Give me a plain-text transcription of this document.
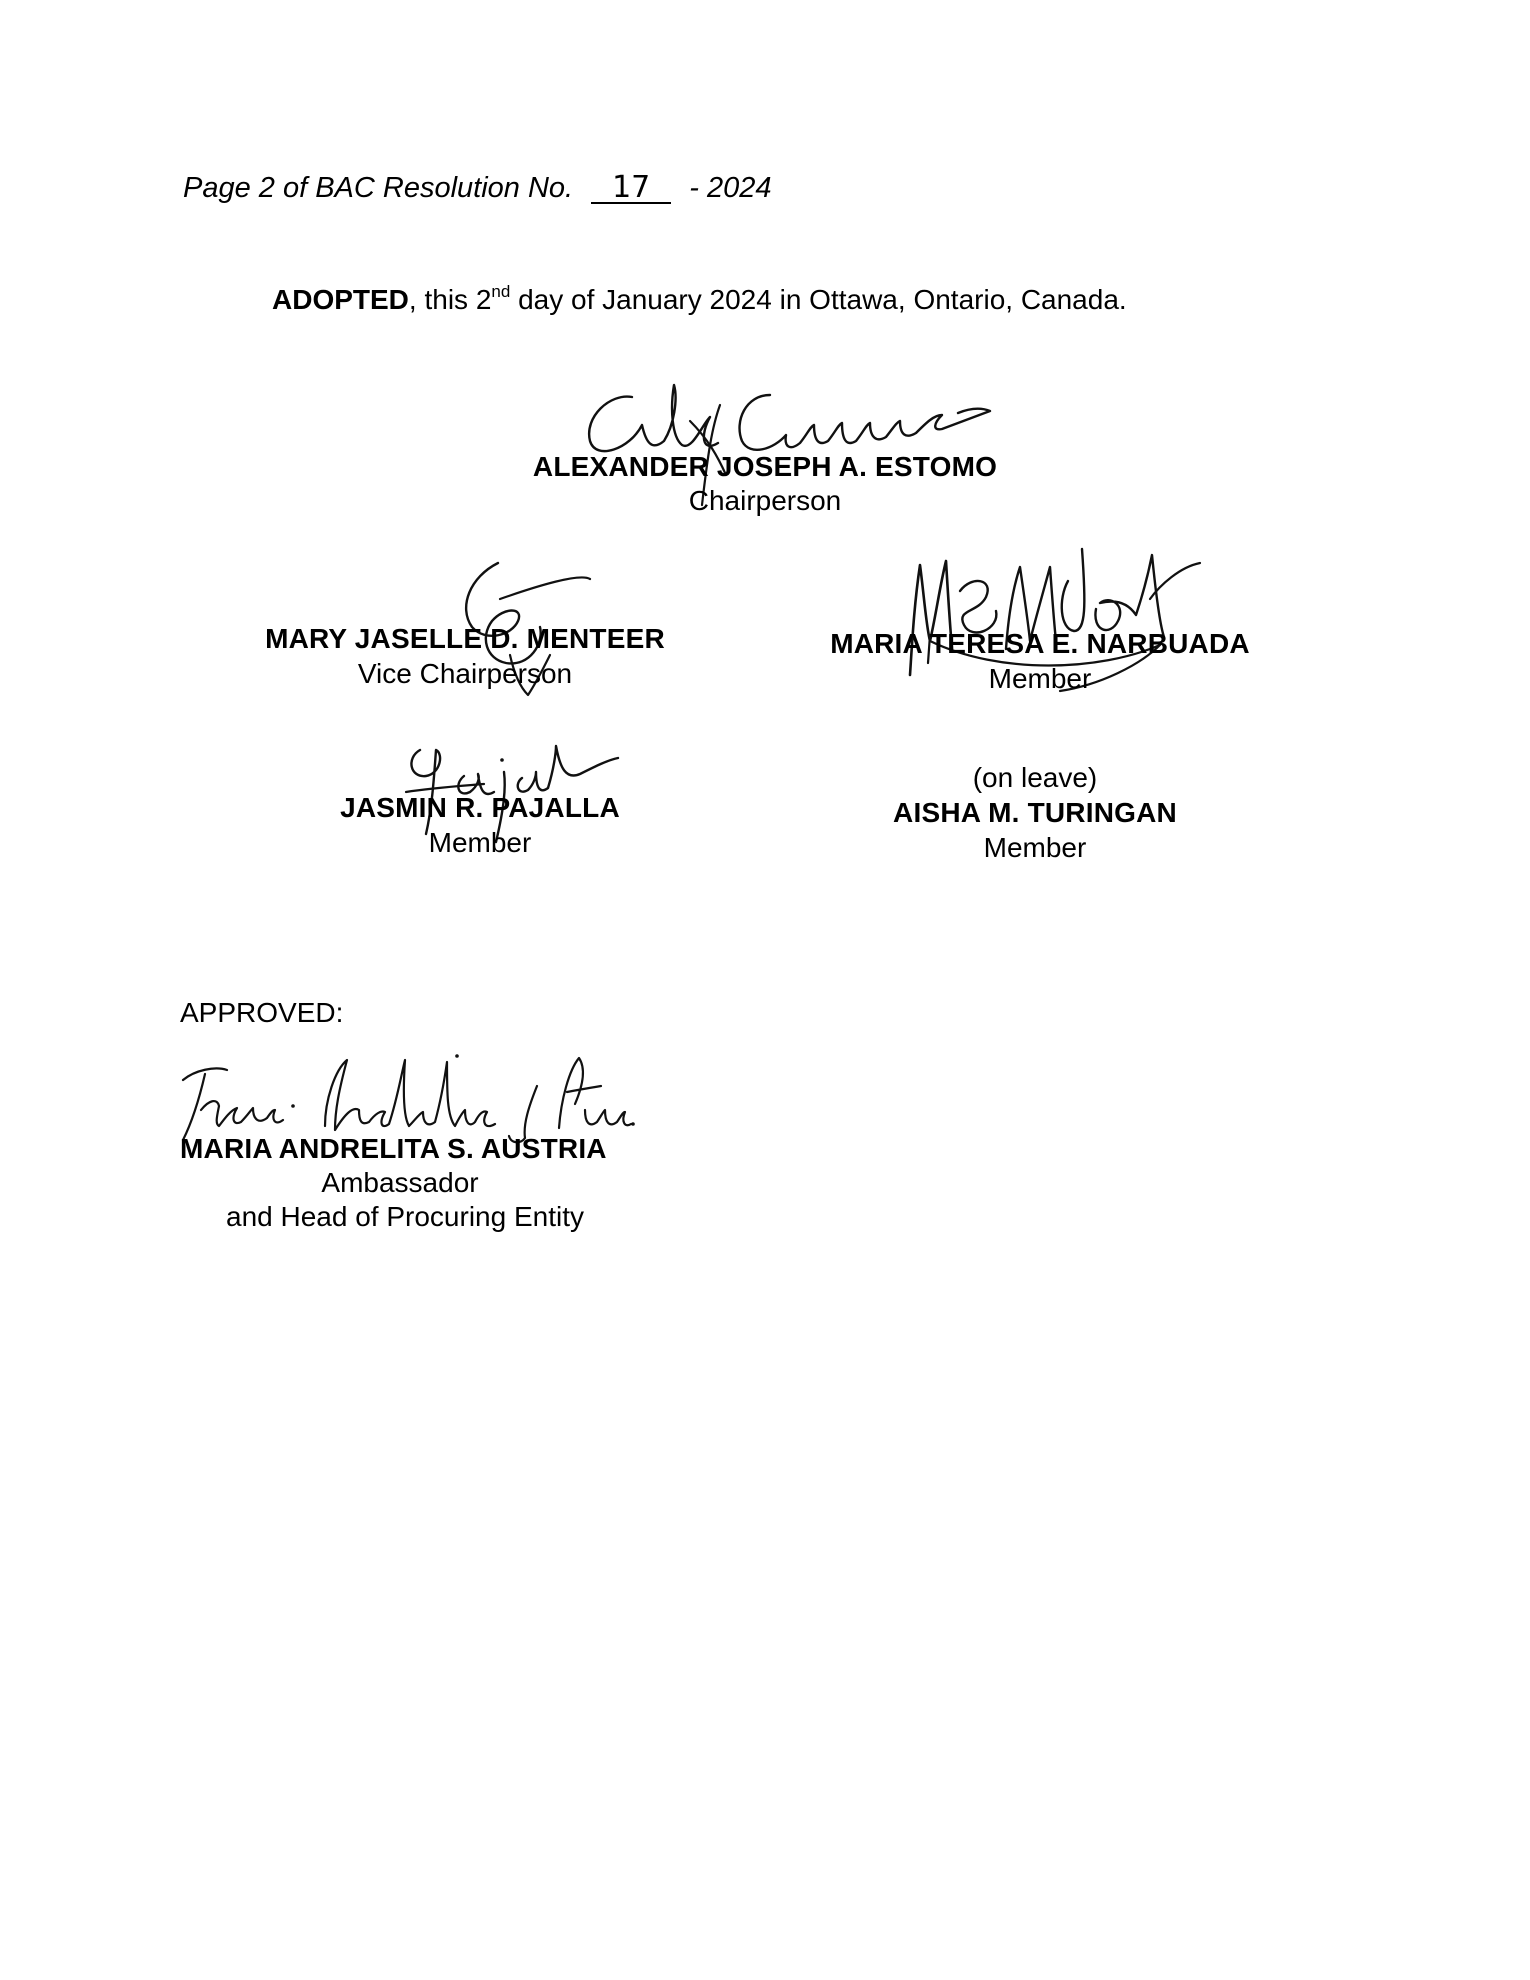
Page 2 of BAC Resolution No. 17 - 2024
ADOPTED, this 2nd day of January 2024 in Ottawa, Ontario, Canada.
ALEXANDER JOSEPH A. ESTOMO
Chairperson
MARY JASELLE D. MENTEER
Vice Chairperson
MARIA TERESA E. NARBUADA
Member
JASMIN R. PAJALLA
Member
(on leave)
AISHA M. TURINGAN
Member
APPROVED:
MARIA ANDRELITA S. AUSTRIA
Ambassador
and Head of Procuring Entity
